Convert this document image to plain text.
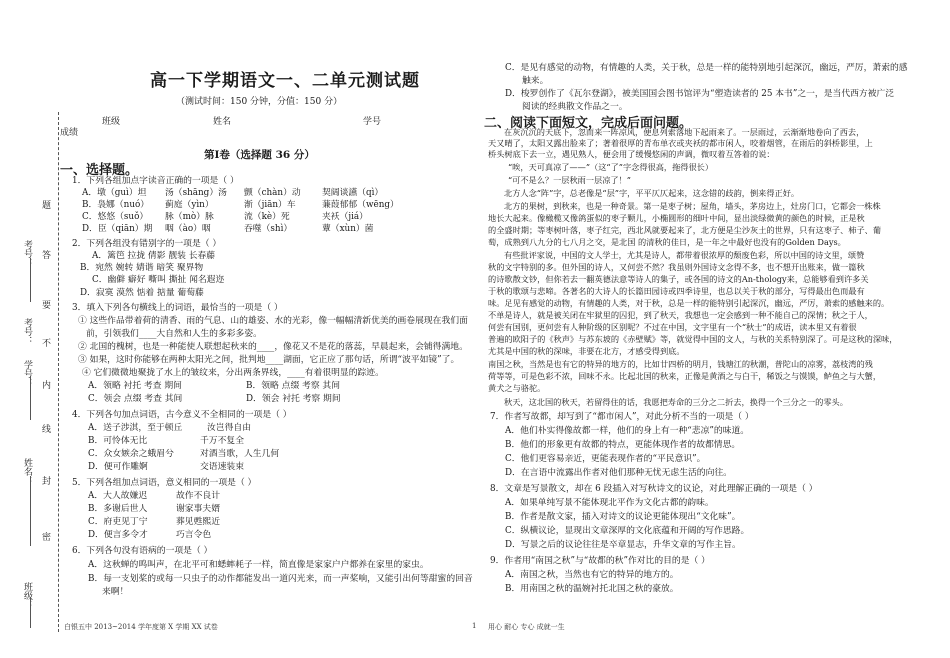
考号：
考号：
学号：
姓名：
班级：
题
答
要
不
内
线
封
密
高一下学期语文一、二单元测试题
（测试时间：150 分钟，分值：150 分）
班级	姓名	学号
成绩
第Ⅰ卷（选择题 36 分）
一、选择题。
1．下列各组加点字读音正确的一项是（ ）
A．墩（guì）坦 汤（shāng）汤 颤（chàn）动 契阔谈讌（qì）
B．袅娜（nuó） 蓟庭（yìn）	渐（jiān）车	蒹葭郁郁（wēng）
C．悠悠（suǒ） 脉（mò）脉	流（kè）死	夹袄（jiá）
D．臣（qiān）期 咽（ào）咽	吞噬（shì）	蕈（xùn）菌
2．下列各组没有错别字的一项是（ ）
A．篱笆 拉拢 倩影 靓装 长春藤
B．宛然 婉转 婧谐 暗笑 聚界物
C．幽僻 癖好 嘶叫 撕扯 闻名遐迩
D．寂寞 漠然 惦着 掂量 葡萄藤
3．填入下列各句横线上的词语，最恰当的一项是（ ）
① 这些作品带着荷的清香、雨的气息、山的雄姿、水的光彩，像一幅幅清新优美的画卷展现在我们面
前，引领我们____大自然和人生的多彩多姿。
② 北国的槐树，也是一种能使人联想起秋来的____，像花又不是花的落蕊，早晨起来，会铺得满地。
③ 如果，这时你能够在两种太阳光之间，批判地____湖面，它正应了那句话，所谓“波平如镜”了。
④ 它们微微地聚拢了水上的皱纹来，分出两条界线，____有着很明显的踪迹。
A．领略 衬托 考查 期间	B．领略 点缀 考察 其间
C．领会 点缀 考查 其间	D．领会 衬托 考察 期间
4．下列各句加点词语，古今意义不全相同的一项是（ ）
A．送子涉淇，至于顿丘	汝岂得自由
B．可怜体无比	千万不复全
C．众女嫉余之蛾眉兮	对酒当歌，人生几何
D．便可作雕婀	交语速装束
5．下列各组加点词语，意义相同的一项是（ ）
A．大人故嫌迟	故作不良计
B．多谢后世人	谢家事夫婿
C．府吏见丁宁	葬见甦熙近
D．便言多令才	巧言令色
6．下列各句没有语病的一项是（ ）
A．这秋蝉的鸣叫声，在北平可和蟋蟀耗子一样，简直像是家家户户都养在家里的家虫。
B．每一支划桨的或每一只虫子的动作都能发出一道闪光来，而一声桨响，又能引出何等甜蜜的回音
来啊！
C．是见有感觉的动物，有情趣的人类，关于秋，总是一样的能特别地引起深沉，幽远，严厉，萧索的感
触来。
D．梭罗创作了《瓦尔登湖》，被美国国会图书馆评为“塑造读者的 25 本书”之一，是当代西方被广泛
阅读的经典散文作品之一。
二、阅读下面短文，完成后面问题。
在灰沉沉的天底下，忽而来一阵凉风，便息列索落地下起雨来了。一层雨过，云渐渐地卷向了西去，
天又晴了，太阳又露出脸来了；著着很厚的青布单衣或夹袄的都市闲人，咬着烟管，在雨后的斜桥影里，上
桥头树底下去一立，遇见熟人，便会用了缓慢悠闲的声调，微叹着互答着的说：
“唉，天可真凉了——”（这“了”字念得很高，拖得很长）
“可不是么？一层秋雨一层凉了！”
北方人念“阵”字，总老像是“层”字，平平仄仄起来，这念错的歧韵，倒来得正好。
北方的果树，到秋来，也是一种奇景。第一是枣子树；屋角，墙头，茅房边上，灶房门口，它都会一株株
地长大起来。像橄榄又像鸽蛋似的枣子颗儿，小椭圆形的细叶中间，显出淡绿微黄的颜色的时候，正是秋
的全盛时期；等枣树叶落，枣子红完，西北风就要起来了，北方便是尘沙灰土的世界，只有这枣子、柿子、葡
萄，成熟到八九分的七八月之交，是北国 的清秋的佳日，是一年之中最好也没有的Golden Days。
有些批评家说，中国的文人学士，尤其是诗人，都带着很浓厚的颓废色彩，所以中国的诗文里，颂赞
秋的文字特别的多。但外国的诗人，又何尝不然？我虽则外国诗文念得不多，也不想开出账来，做一篇秋
的诗歌散文钞，但你若去一翻英德法意等诗人的集子，或各国的诗文的An-thology来，总能够看到许多关
于秋的歌颂与悲啼。各著名的大诗人的长篇田园诗或四季诗里，也总以关于秋的部分，写得最出色而最有
味。足见有感觉的动物，有情趣的人类，对于秋，总是一样的能特别引起深沉，幽远，严厉，萧索的感触来的。
不单是诗人，就是被关闭在牢狱里的囚犯，到了秋天，我想也一定会感到一种不能自己的深情；秋之于人，
何尝有国别，更何尝有人种阶级的区别呢？不过在中国，文字里有一个“秋士”的成语，读本里又有着很
普遍的欧阳子的《秋声》与苏东坡的《赤壁赋》等，就觉得中国的文人，与秋的关系特别深了。可是这秋的深味，
尤其是中国的秋的深味，非要在北方，才感受得到底。
南国之秋，当然是也有它的特异的地方的，比如廿四桥的明月，钱塘江的秋潮，普陀山的凉雾，荔枝湾的残
荷等等，可是色彩不浓，回味不永。比起北国的秋来，正像是黄酒之与白干，稀饭之与馍馍，鲈鱼之与大蟹，
黄犬之与骆驼。
秋天，这北国的秋天，若留得住的话，我愿把寿命的三分之二折去，换得一个三分之一的零头。
7．作者写故都，却写到了“都市闲人”，对此分析不当的一项是（ ）
A．他们朴实得像故都一样，他们的身上有一种“悲凉”的味道。
B．他们的形象更有故都的特点，更能体现作者的故都情思。
C．他们更容易亲近，更能表现作者的“平民意识”。
D．在言语中流露出作者对他们那种无忧无虑生活的向往。
8．文章是写景散文，却在 6 段插入对写秋诗文的议论，对此理解正确的一项是（ ）
A．如果单纯写景不能体现北平作为文化古都的韵味。
B．作者是散文家，插入对诗文的议论更能体现出“文化味”。
C．纵横议论，显现出文章深厚的文化底蕴和开阔的写作思路。
D．写景之后的议论往往是卒章显志，升华文章的写作主旨。
9．作者用“南国之秋”与“故都的秋”作对比的目的是（ ）
A．南国之秋，当然也有它的特异的地方的。
B．用南国之秋的温婉衬托北国之秋的豪放。
白银五中 2013~2014 学年度第 X 学期 XX 试卷	1 用心 耐心 专心 成就一生
